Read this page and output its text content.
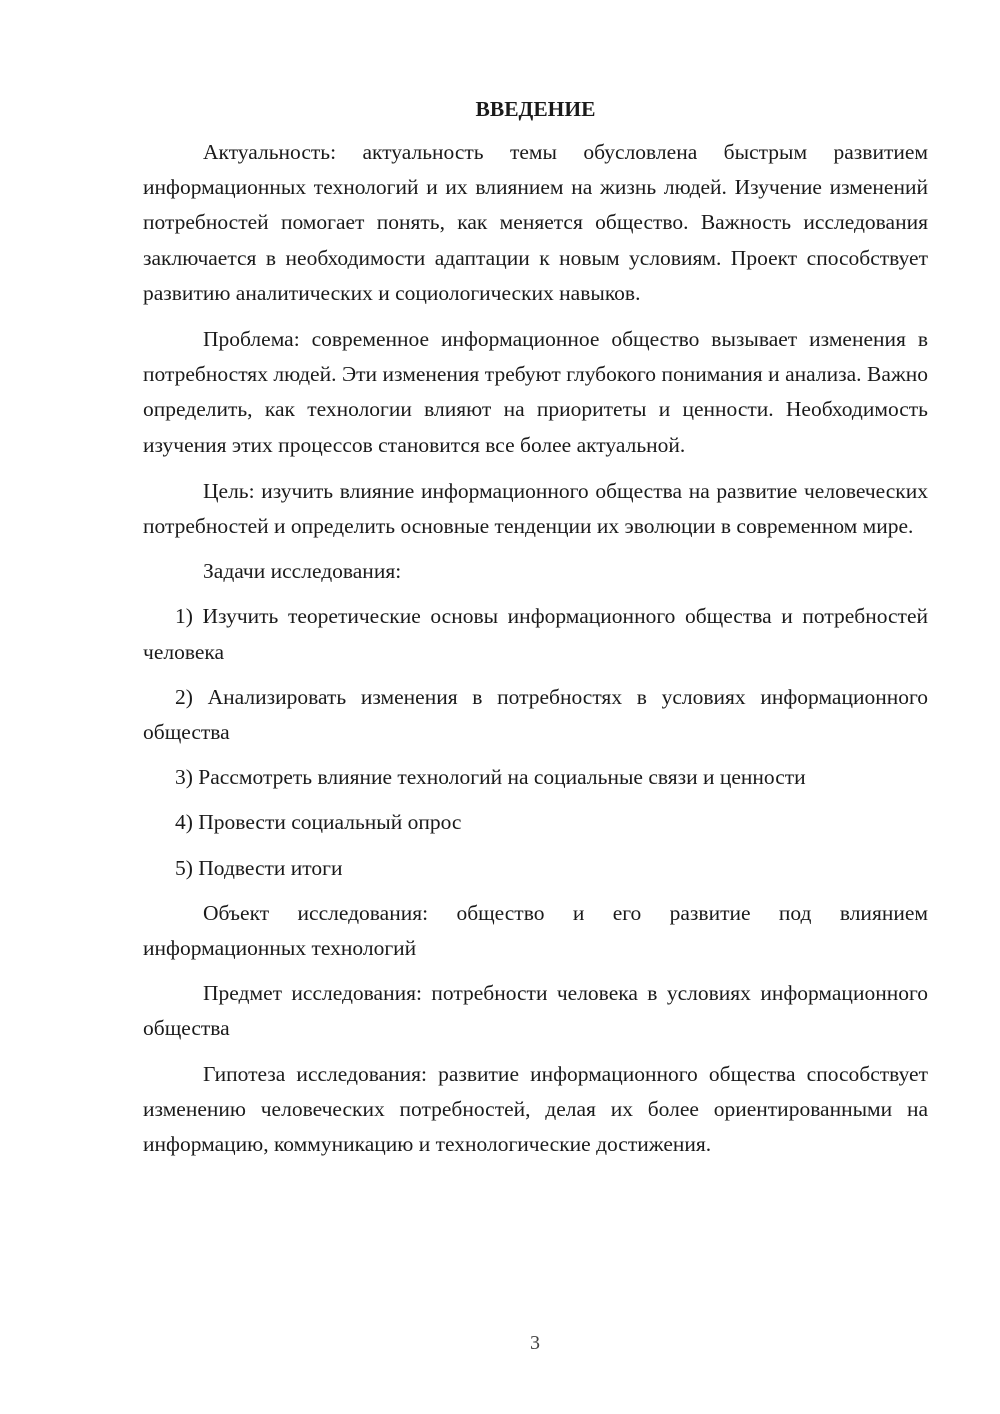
ВВЕДЕНИЕ

Актуальность: актуальность темы обусловлена быстрым развитием информационных технологий и их влиянием на жизнь людей. Изучение изменений потребностей помогает понять, как меняется общество. Важность исследования заключается в необходимости адаптации к новым условиям. Проект способствует развитию аналитических и социологических навыков.

Проблема: современное информационное общество вызывает изменения в потребностях людей. Эти изменения требуют глубокого понимания и анализа. Важно определить, как технологии влияют на приоритеты и ценности. Необходимость изучения этих процессов становится все более актуальной.

Цель: изучить влияние информационного общества на развитие человеческих потребностей и определить основные тенденции их эволюции в современном мире.

Задачи исследования:

1) Изучить теоретические основы информационного общества и потребностей человека

2) Анализировать изменения в потребностях в условиях информационного общества

3) Рассмотреть влияние технологий на социальные связи и ценности

4) Провести социальный опрос

5) Подвести итоги

Объект исследования: общество и его развитие под влиянием информационных технологий

Предмет исследования: потребности человека в условиях информационного общества

Гипотеза исследования: развитие информационного общества способствует изменению человеческих потребностей, делая их более ориентированными на информацию, коммуникацию и технологические достижения.

3
